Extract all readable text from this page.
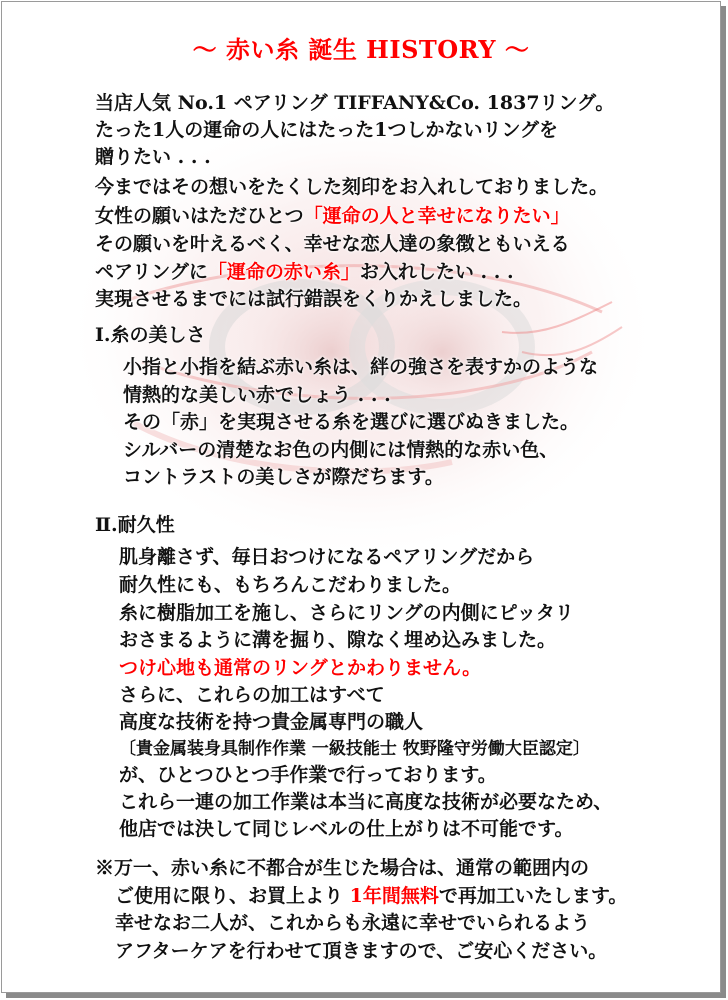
～ 赤い糸 誕生 HISTORY ～
当店人気 No.1 ペアリング TIFFANY&Co. 1837リング。
たった1人の運命の人にはたった1つしかないリングを
贈りたい . . .
今まではその想いをたくした刻印をお入れしておりました。
女性の願いはただひとつ「運命の人と幸せになりたい」
その願いを叶えるべく、幸せな恋人達の象徴ともいえる
ペアリングに「運命の赤い糸」お入れしたい . . .
実現させるまでには試行錯誤をくりかえしました。
Ⅰ.糸の美しさ
小指と小指を結ぶ赤い糸は、絆の強さを表すかのような
情熱的な美しい赤でしょう . . .
その「赤」を実現させる糸を選びに選びぬきました。
シルバーの清楚なお色の内側には情熱的な赤い色、
コントラストの美しさが際だちます。
Ⅱ.耐久性
肌身離さず、毎日おつけになるペアリングだから
耐久性にも、もちろんこだわりました。
糸に樹脂加工を施し、さらにリングの内側にピッタリ
おさまるように溝を掘り、隙なく埋め込みました。
つけ心地も通常のリングとかわりません。
さらに、これらの加工はすべて
高度な技術を持つ貴金属専門の職人
〔貴金属装身具制作作業 一級技能士 牧野隆守労働大臣認定〕
が、ひとつひとつ手作業で行っております。
これら一連の加工作業は本当に高度な技術が必要なため、
他店では決して同じレベルの仕上がりは不可能です。
※万一、赤い糸に不都合が生じた場合は、通常の範囲内の
ご使用に限り、お買上より 1年間無料で再加工いたします。
幸せなお二人が、これからも永遠に幸せでいられるよう
アフターケアを行わせて頂きますので、ご安心ください。
